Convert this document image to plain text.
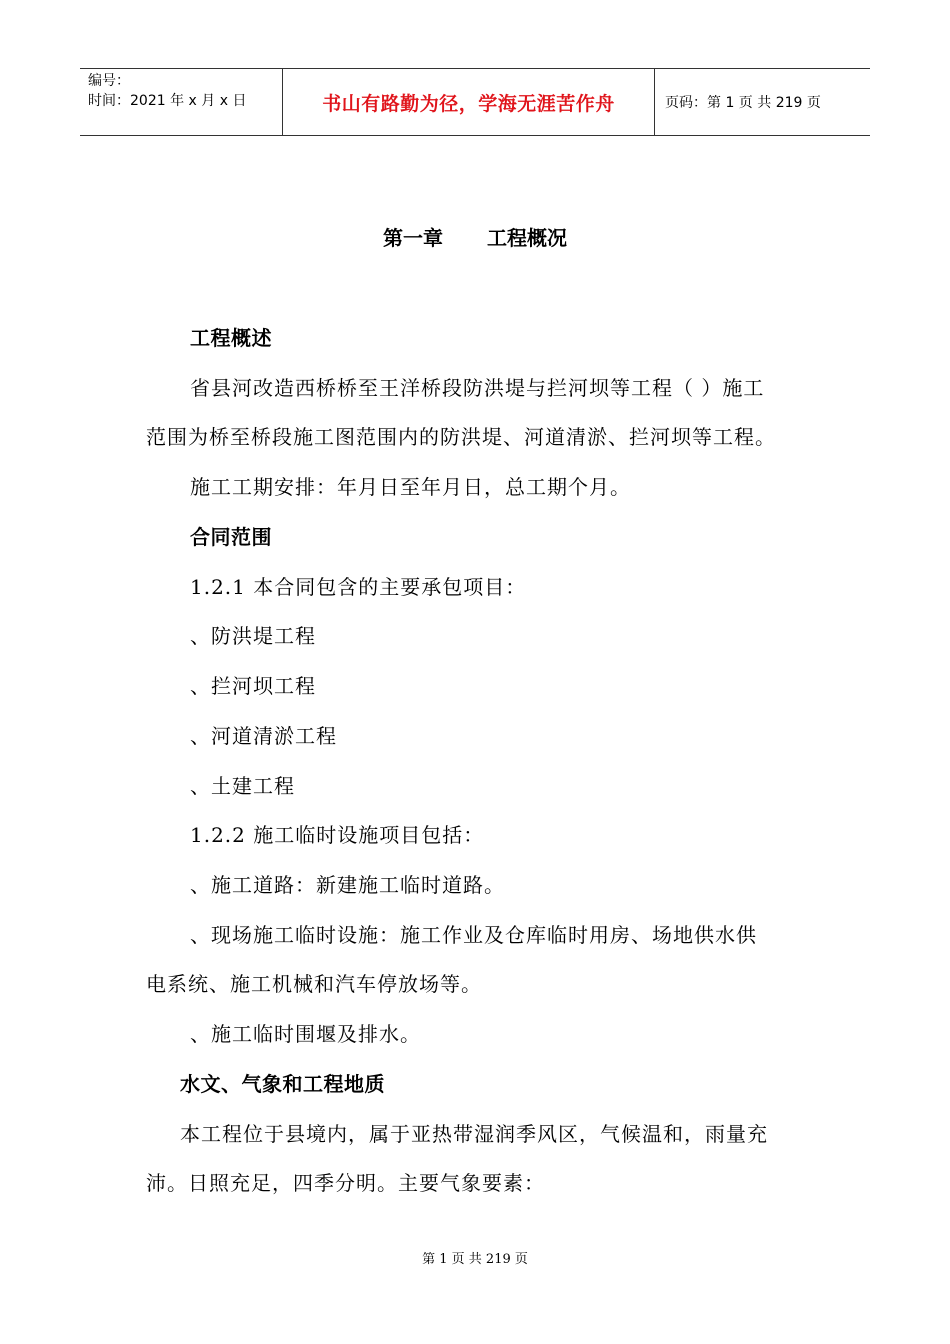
编号：
时间：2021 年 x 月 x 日	书山有路勤为径，学海无涯苦作舟	页码：第 1 页 共 219 页
第一章 工程概况
工程概述
省县河改造西桥桥至王洋桥段防洪堤与拦河坝等工程（ ）施工
范围为桥至桥段施工图范围内的防洪堤、河道清淤、拦河坝等工程。
施工工期安排：年月日至年月日，总工期个月。
合同范围
1.2.1 本合同包含的主要承包项目：
、防洪堤工程
、拦河坝工程
、河道清淤工程
、土建工程
1.2.2 施工临时设施项目包括：
、施工道路：新建施工临时道路。
、现场施工临时设施：施工作业及仓库临时用房、场地供水供
电系统、施工机械和汽车停放场等。
、施工临时围堰及排水。
水文、气象和工程地质
本工程位于县境内，属于亚热带湿润季风区，气候温和，雨量充
沛。日照充足，四季分明。主要气象要素：
第 1 页 共 219 页
